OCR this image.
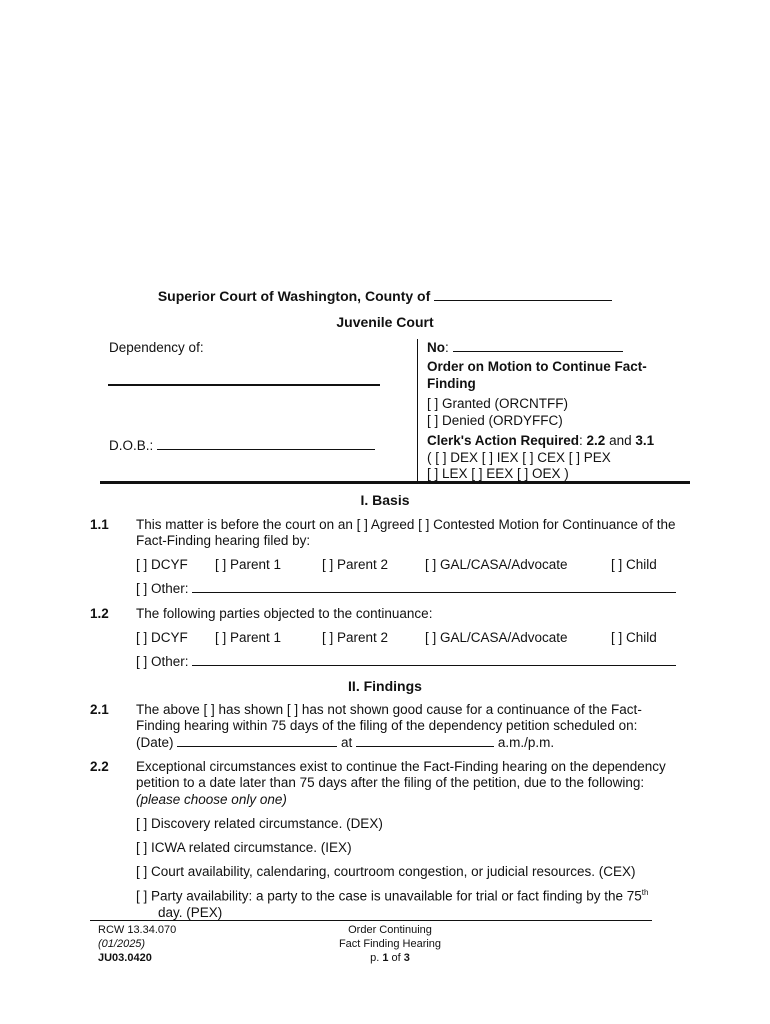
Superior Court of Washington, County of
Juvenile Court
Dependency of:
D.O.B.:
No:
Order on Motion to Continue Fact-
Finding
[ ] Granted (ORCNTFF)
[ ] Denied (ORDYFFC)
Clerk's Action Required: 2.2 and 3.1
( [ ] DEX [ ] IEX [ ] CEX [ ] PEX
[ ] LEX [ ] EEX [ ] OEX )
I. Basis
1.1 This matter is before the court on an [ ] Agreed [ ] Contested Motion for Continuance of the
Fact-Finding hearing filed by:
[ ] DCYF [ ] Parent 1	[ ] Parent 2	[ ] GAL/CASA/Advocate	[ ] Child
[ ] Other:
1.2 The following parties objected to the continuance:
[ ] DCYF [ ] Parent 1	[ ] Parent 2	[ ] GAL/CASA/Advocate	[ ] Child
[ ] Other:
II. Findings
2.1 The above [ ] has shown [ ] has not shown good cause for a continuance of the Fact-
Finding hearing within 75 days of the filing of the dependency petition scheduled on:
(Date)	at	a.m./p.m.
2.2 Exceptional circumstances exist to continue the Fact-Finding hearing on the dependency
petition to a date later than 75 days after the filing of the petition, due to the following:
(please choose only one)
[ ] Discovery related circumstance. (DEX)
[ ] ICWA related circumstance. (IEX)
[ ] Court availability, calendaring, courtroom congestion, or judicial resources. (CEX)
[ ] Party availability: a party to the case is unavailable for trial or fact finding by the 75th
day. (PEX)
RCW 13.34.070
(01/2025)
JU03.0420
Order Continuing
Fact Finding Hearing
p. 1 of 3
